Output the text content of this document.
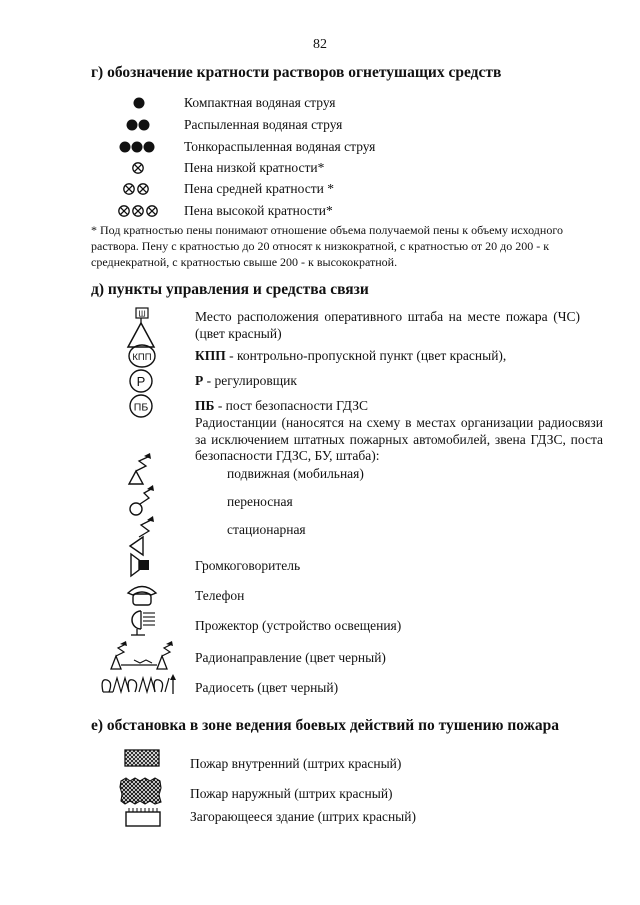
82
г) обозначение кратности растворов огнетушащих средств
Компактная водяная струя
Распыленная водяная струя
Тонкораспыленная водяная струя
Пена низкой кратности*
Пена средней кратности *
Пена высокой кратности*
* Под кратностью пены понимают отношение объема получаемой пены к объему исходного
раствора. Пену с кратностью до 20 относят к низкократной, с кратностью от 20 до 200 - к
среднекратной, с кратностью свыше 200 - к высокократной.
д) пункты управления и средства связи
Ш	Место расположения оперативного штаба на месте пожара (ЧС) (цвет красный)
КПП	КПП - контрольно-пропускной пункт (цвет красный),
Р	Р - регулировщик
ПБ	ПБ - пост безопасности ГДЗС
Радиостанции (наносятся на схему в местах организации радиосвязи за исключением штатных пожарных автомобилей, звена ГДЗС, поста безопасности ГДЗС, БУ, штаба):
подвижная (мобильная)
переносная
стационарная
Громкоговоритель
Телефон
Прожектор (устройство освещения)
Радионаправление (цвет черный)
Радиосеть (цвет черный)
е) обстановка в зоне ведения боевых действий по тушению пожара
Пожар внутренний (штрих красный)
Пожар наружный (штрих красный)
Загорающееся здание (штрих красный)
